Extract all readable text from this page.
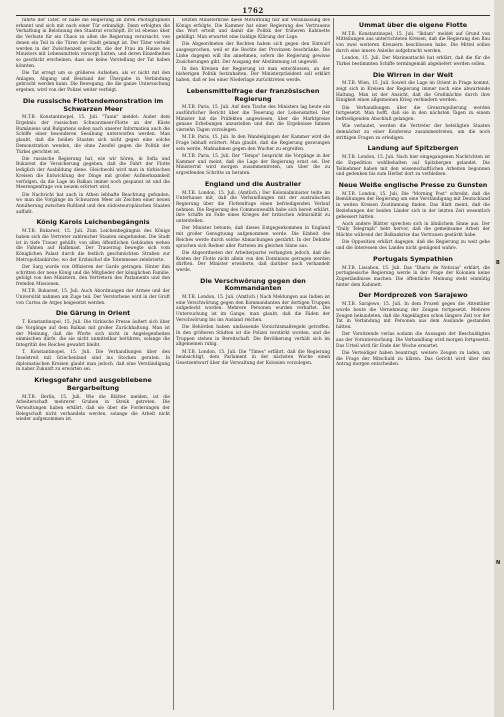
B
N
1762

führte der Täter, er habe die Regierung an ihren Photographien erkannt und sich mit nach einer Tür erkundigt. Dann erfolgten die Verhaftung in Belohnung den Staatrat erschöpft. Er ist ebenso über die Verluste für ein Chaos zu allen die Regierung verursacht, von denen ein Teil in die Türen der Stadt gelangt ist. Der Täter verteilt werden in der Zwischenzeit gesucht, die der Frau im Hause des Ministers mit Lebensmitteln versorgt hatten, und deren Einzelheiten so geschickt erscheinen, dass sie keine Vorstellung der Tat haben könnten.

Die Tat erregt um so größeres Aufsehen, als er nicht mit den Anlagen, Abgang und Beistand der Übergabe in Verbindung gebracht werden kann. Die Bewegung, die die ganze Untersuchung ergeben, wird von der Polizei weiter verfolgt.

Die russische Flottendemonstration im Schwarzen Meer

M.T.B. Konstantinopel, 15. Juli. "Tanin" meldet: Außer dem Ergebnis der russischen Schwarzmeer-Flotte an der Küste Rumäniens und Bulgariens sollen nach unserer Information auch die Schiffe einer besonderen Seeübung unterworfen werden. Man glaubt, daß die beiden Staaten sich nicht gegen eine solche Demonstration wenden, die ohne Zweifel gegen die Politik der Türkei gerichtet ist.

Die russische Regierung hat, wie wir hören, in Sofia und Bukarest die Versicherung gegeben, daß die Fahrt der Flotte lediglich der Ausbildung diene. Gleichwohl wird man in türkischen Kreisen die Entwicklung der Dinge mit großer Aufmerksamkeit verfolgen, da die Lage im Balkan immer noch gespannt ist und die Meerengenfrage von neuem erörtert wird.

Die Nachricht hat auch in Athen lebhafte Beachtung gefunden, wo man die Vorgänge im Schwarzen Meer als Zeichen einer neuen Annäherung zwischen Rußland und den südosteuropäischen Staaten auffaßt.

König Karols Leichenbegängnis

M.T.B. Bukarest, 15. Juli. Zum Leichenbegängnis des Königs haben sich die Vertreter zahlreicher Staaten eingefunden. Die Stadt ist in tiefe Trauer gehüllt; von allen öffentlichen Gebäuden wehen die Fahnen auf Halbmast. Der Trauerzug bewegte sich vom Königlichen Palast durch die festlich geschmückten Straßen zur Metropolitankirche, wo der Erzbischof die Totenmesse zelebrierte.

Der Sarg wurde von Offizieren der Garde getragen. Hinter ihm schritten der neue König und die Mitglieder der königlichen Familie, gefolgt von den Ministern, den Vertretern des Parlaments und den fremden Missionen.

M.T.B. Bukarest, 15. Juli. Auch Abordnungen der Armee und der Universität nahmen am Zuge teil. Der Verstorbene wird in der Gruft von Curtea de Argeș beigesetzt werden.

Die Gärung in Orient

T. Konstantinopel, 15. Juli. Die türkische Presse äußert sich über die Vorgänge auf dem Balkan mit großer Zurückhaltung. Man ist der Meinung, daß die Pforte sich nicht in Angelegenheiten einmischen dürfe, die sie nicht unmittelbar berühren, solange die Integrität des Reiches gewahrt bleibt.

T. Konstantinopel, 15. Juli. Die Verhandlungen über den Inselstreit mit Griechenland sind ins Stocken geraten. In diplomatischen Kreisen glaubt man jedoch, daß eine Verständigung in naher Zukunft zu erwarten sei.

Kriegsgefahr und ausgebliebene Bergarbeitung

M.T.B. Berlin, 15. Juli. Wie die Blätter melden, ist die Arbeiterschaft mehrerer Gruben in Streik getreten. Die Verwaltungen haben erklärt, daß sie über die Forderungen der Belegschaft nicht verhandeln werden, solange die Arbeit nicht wieder aufgenommen ist.

letzten Ministerkrise diese Mitwirkung nur auf Veranlassung des Königs erfolgte. Die Kammer hat einer Regierung des Vertrauens das Wort erteilt und damit die Politik der früheren Kabinette gebilligt. Man erwartet eine baldige Klärung der Lage.

Die Abgeordneten der Rechten haben sich gegen den Entwurf ausgesprochen, weil er die Rechte der Provinzen beschränke. Die Linke dagegen will ihn annehmen, sofern die Regierung gewisse Zusicherungen gibt. Der Ausgang der Abstimmung ist ungewiß.

In den Kreisen der Regierung ist man entschlossen, an der bisherigen Politik festzuhalten. Der Ministerpräsident soll erklärt haben, daß er bei einer Niederlage zurücktreten werde.

Lebensmittelfrage der französischen Regierung

M.T.B. Paris, 15. Juli. Auf dem Tische des Ministers lag heute ein ausführlicher Bericht über die Teuerung der Lebensmittel. Der Minister hat die Präfekten angewiesen, über die Marktpreise genaue Erhebungen anzustellen und ihm die Ergebnisse binnen vierzehn Tagen vorzulegen.

M.T.B. Paris, 15. Juli. In den Wandelgängen der Kammer wird die Frage lebhaft erörtert. Man glaubt, daß die Regierung gezwungen sein werde, Maßnahmen gegen den Wucher zu ergreifen.

M.T.B. Paris, 15. Juli. Der "Temps" bespricht die Vorgänge in der Kammer und meint, daß die Lage der Regierung ernst sei. Der Ministerrat wird morgen zusammentreten, um über die zu ergreifenden Schritte zu beraten.

England und die Australier

M.T.B. London, 15. Juli. (Amtlich.) Der Kolonialminister teilte im Unterhause mit, daß die Verhandlungen mit der australischen Regierung über die Flottenfrage einen befriedigenden Verlauf nehmen. Die Regierung des Commonwealth habe sich bereit erklärt, ihre Schiffe im Falle eines Krieges der britischen Admiralität zu unterstellen.

Der Minister betonte, daß dieses Entgegenkommen in England mit großer Genugtuung aufgenommen werde. Die Einheit des Reiches werde durch solche Abmachungen gestärkt. In der Debatte sprachen sich Redner aller Parteien im gleichen Sinne aus.

Die Abgeordneten der Arbeiterpartei verlangten jedoch, daß die Kosten der Flotte nicht allein von den Dominions getragen werden dürften. Der Minister erwiderte, daß darüber noch verhandelt werde.

Die Verschwörung gegen den Kommandanten

M.T.B. London, 15. Juli. (Amtlich.) Nach Meldungen aus Indien ist eine Verschwörung gegen den Kommandanten der dortigen Truppen aufgedeckt worden. Mehrere Personen wurden verhaftet. Die Untersuchung ist im Gange; man glaubt, daß die Fäden der Verschwörung bis ins Ausland reichen.

Die Behörden haben umfassende Vorsichtsmaßregeln getroffen. In den größeren Städten ist die Polizei verstärkt worden, und die Truppen stehen in Bereitschaft. Die Bevölkerung verhält sich im allgemeinen ruhig.

M.T.B. London, 15. Juli. Die "Times" erfährt, daß die Regierung beabsichtigt, dem Parlament in der nächsten Woche einen Gesetzentwurf über die Verwaltung der Kolonien vorzulegen.

Ummat über die eigene Flotte

M.T.B. Konstantinopel, 15. Juli. "Ikdam" meldet auf Grund von Mitteilungen aus unterrichteten Kreisen, daß die Regierung den Bau von zwei weiteren Kreuzern beschlossen habe. Die Mittel sollen durch eine innere Anleihe aufgebracht werden.

London, 15. Juli. Der Marineattaché hat erklärt, daß die für die Türkei bestimmten Schiffe termingemäß abgeliefert werden sollen.

Die Wirren in der Welt

M.T.B. Wien, 15. Juli. Soweit die Lage im Orient in Frage kommt, zeigt sich in Kreisen der Regierung immer noch eine abwartende Haltung. Man ist der Ansicht, daß die Großmächte durch ihre Einigkeit einen allgemeinen Krieg verhindern werden.

Die Verhandlungen über die Grenzregulierung werden fortgesetzt. Man hofft, daß sie in den nächsten Tagen zu einem befriedigenden Abschluß gelangen.

Wie verlautet, werden die Vertreter der beteiligten Staaten demnächst zu einer Konferenz zusammentreten, um die noch strittigen Fragen zu erledigen.

Landung auf Spitzbergen

M.T.B. London, 15. Juli. Nach hier eingegangenen Nachrichten ist die Expedition wohlbehalten auf Spitzbergen gelandet. Die Teilnehmer haben mit den wissenschaftlichen Arbeiten begonnen und gedenken bis zum Herbst dort zu verbleiben.

Neue Weiße englische Presse zu Gunsten

M.T.B. London, 15. Juli. Die "Morning Post" schreibt, daß die Bemühungen der Regierung um eine Verständigung mit Deutschland in weiten Kreisen Zustimmung finden. Das Blatt meint, daß die Beziehungen der beiden Länder sich in der letzten Zeit wesentlich gebessert hätten.

Auch andere Blätter sprechen sich in ähnlichem Sinne aus. Der "Daily Telegraph" hebt hervor, daß die gemeinsame Arbeit der Mächte während der Balkankrise das Vertrauen gestärkt habe.

Die Opposition erklärt dagegen, daß die Regierung zu weit gehe und die Interessen des Landes nicht genügend wahre.

Portugals Sympathien

M.T.B. Lissabon, 15. Juli. Das "Diario de Noticias" erklärt, die portugiesische Regierung werde in der Frage der Kolonien keine Zugeständnisse machen. Die öffentliche Meinung steht einmütig hinter dem Kabinett.

Der Mordprozeß von Sarajewo

M.T.B. Sarajewo, 15. Juli. In dem Prozeß gegen die Attentäter wurde heute die Vernehmung der Zeugen fortgesetzt. Mehrere Zeugen bekundeten, daß die Angeklagten schon längere Zeit vor der Tat in Verbindung mit Personen aus dem Auslande gestanden hätten.

Der Vorsitzende verlas sodann die Aussagen der Beschuldigten aus der Voruntersuchung. Die Verhandlung wird morgen fortgesetzt. Das Urteil wird für Ende der Woche erwartet.

Die Verteidiger haben beantragt, weitere Zeugen zu laden, um die Frage der Mitschuld zu klären. Das Gericht wird über den Antrag morgen entscheiden.
